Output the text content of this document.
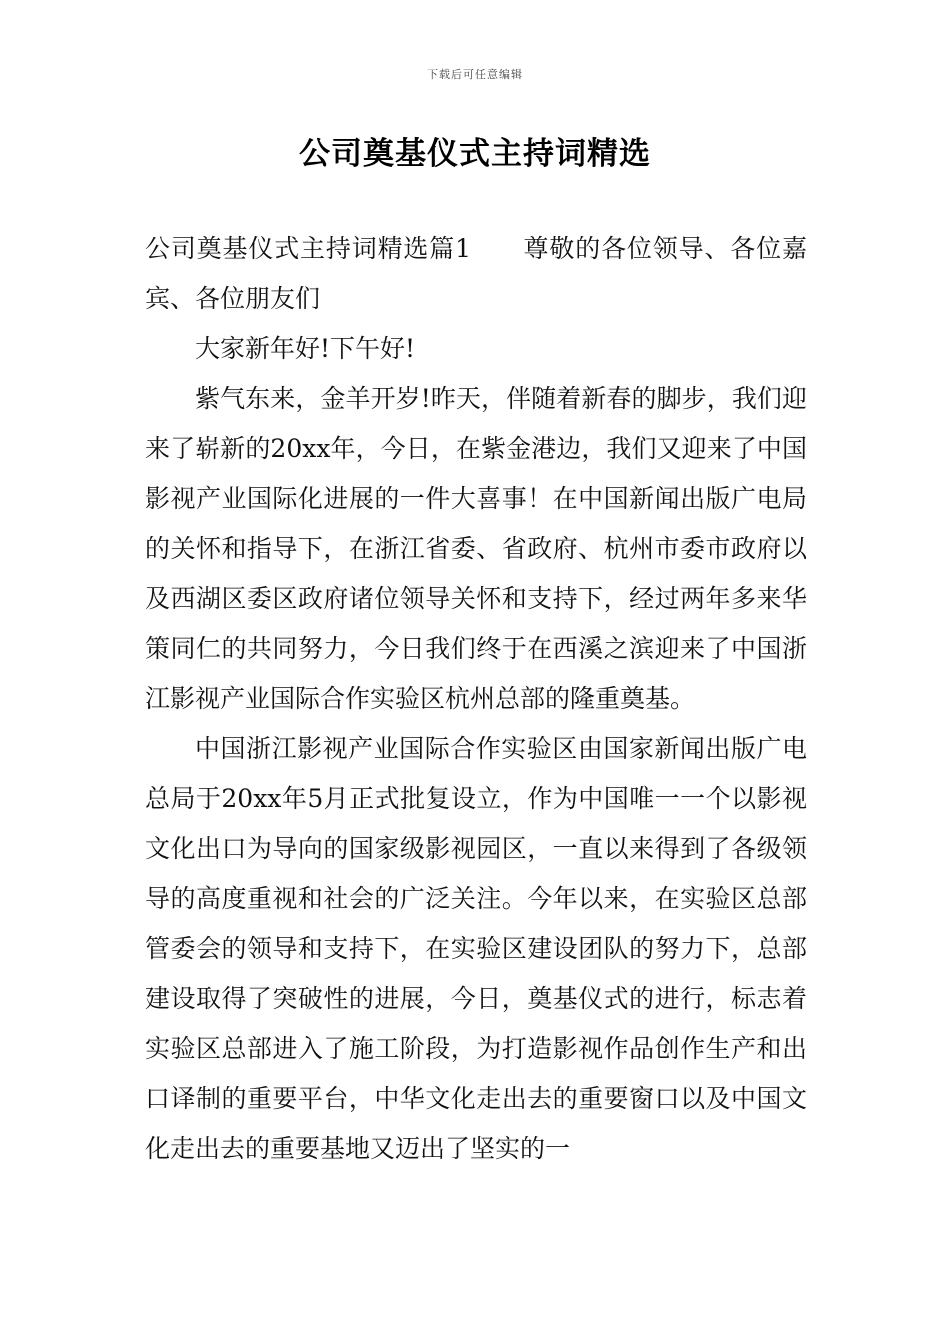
下载后可任意编辑
公司奠基仪式主持词精选

公司奠基仪式主持词精选篇1　　尊敬的各位领导、各位嘉宾、各位朋友们

大家新年好!下午好!

紫气东来，金羊开岁!昨天，伴随着新春的脚步，我们迎来了崭新的20xx年，今日，在紫金港边，我们又迎来了中国影视产业国际化进展的一件大喜事！在中国新闻出版广电局的关怀和指导下，在浙江省委、省政府、杭州市委市政府以及西湖区委区政府诸位领导关怀和支持下，经过两年多来华策同仁的共同努力，今日我们终于在西溪之滨迎来了中国浙江影视产业国际合作实验区杭州总部的隆重奠基。

中国浙江影视产业国际合作实验区由国家新闻出版广电总局于20xx年5月正式批复设立，作为中国唯一一个以影视文化出口为导向的国家级影视园区，一直以来得到了各级领导的高度重视和社会的广泛关注。今年以来，在实验区总部管委会的领导和支持下，在实验区建设团队的努力下，总部建设取得了突破性的进展，今日，奠基仪式的进行，标志着实验区总部进入了施工阶段，为打造影视作品创作生产和出口译制的重要平台，中华文化走出去的重要窗口以及中国文化走出去的重要基地又迈出了坚实的一
